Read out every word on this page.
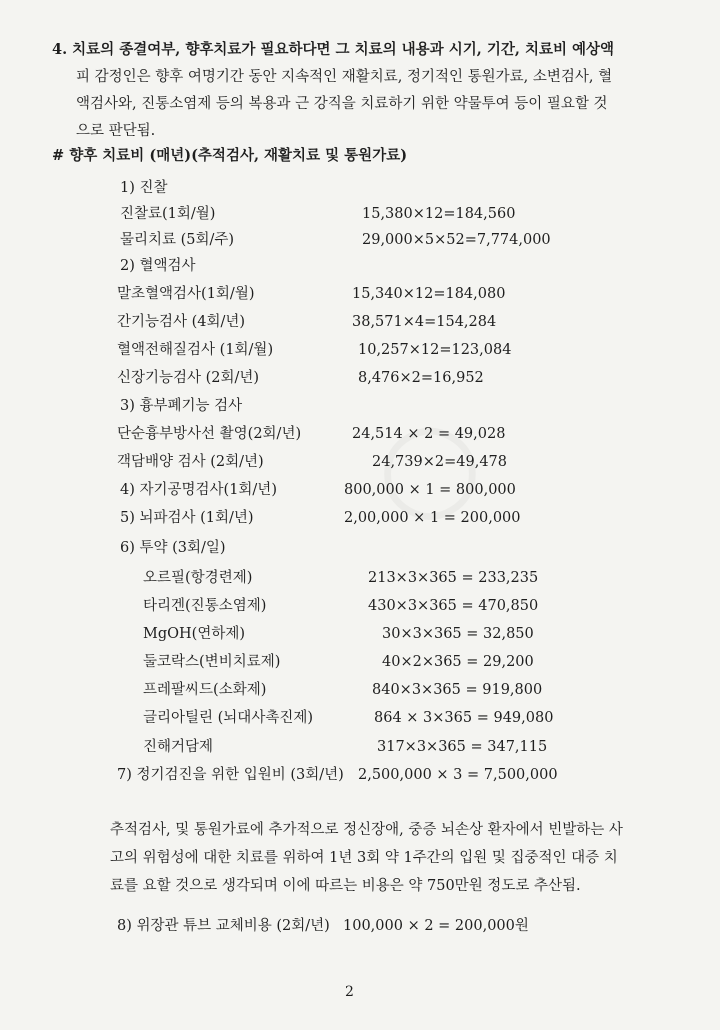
4. 치료의 종결여부, 향후치료가 필요하다면 그 치료의 내용과 시기, 기간, 치료비 예상액
피 감정인은 향후 여명기간 동안 지속적인 재활치료, 정기적인 통원가료, 소변검사, 혈
액검사와, 진통소염제 등의 복용과 근 강직을 치료하기 위한 약물투여 등이 필요할 것
으로 판단됨.
# 향후 치료비 (매년)(추적검사, 재활치료 및 통원가료)
1) 진찰
진찰료(1회/월)	15,380×12=184,560
물리치료 (5회/주)	29,000×5×52=7,774,000
2) 혈액검사
말초혈액검사(1회/월)	15,340×12=184,080
간기능검사 (4회/년)	38,571×4=154,284
혈액전해질검사 (1회/월)	10,257×12=123,084
신장기능검사 (2회/년)	8,476×2=16,952
3) 흉부폐기능 검사
단순흉부방사선 촬영(2회/년)	24,514 × 2 = 49,028
객담배양 검사 (2회/년)	24,739×2=49,478
4) 자기공명검사(1회/년)	800,000 × 1 = 800,000
5) 뇌파검사 (1회/년)	2,00,000 × 1 = 200,000
6) 투약 (3회/일)
오르필(항경련제)	213×3×365 = 233,235
타리겐(진통소염제)	430×3×365 = 470,850
MgOH(연하제)	30×3×365 = 32,850
둘코락스(변비치료제)	40×2×365 = 29,200
프레팔씨드(소화제)	840×3×365 = 919,800
글리아틸린 (뇌대사촉진제)	864 × 3×365 = 949,080
진해거담제	317×3×365 = 347,115
7) 정기검진을 위한 입원비 (3회/년) 2,500,000 × 3 = 7,500,000
추적검사, 및 통원가료에 추가적으로 정신장애, 중증 뇌손상 환자에서 빈발하는 사
고의 위험성에 대한 치료를 위하여 1년 3회 약 1주간의 입원 및 집중적인 대증 치
료를 요할 것으로 생각되며 이에 따르는 비용은 약 750만원 정도로 추산됨.
8) 위장관 튜브 교체비용 (2회/년) 100,000 × 2 = 200,000원
2
